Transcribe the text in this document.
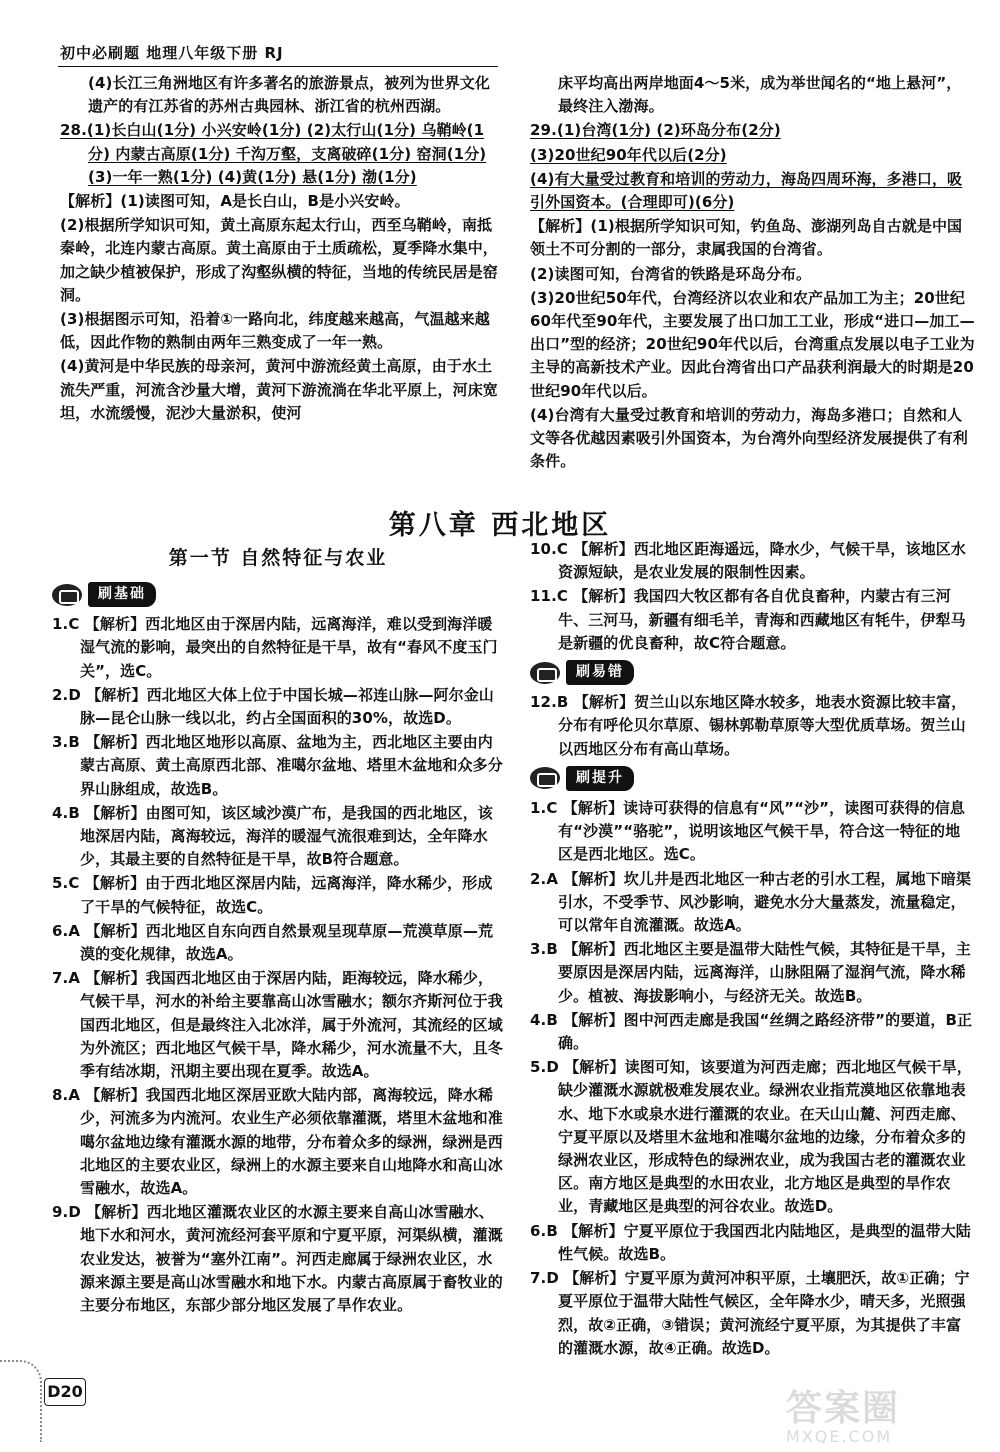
初中必刷题 地理八年级下册 RJ

(4)长江三角洲地区有许多著名的旅游景点，被列为世界文化遗产的有江苏省的苏州古典园林、浙江省的杭州西湖。

28.(1)长白山(1分) 小兴安岭(1分) (2)太行山(1分) 乌鞘岭(1分) 内蒙古高原(1分) 千沟万壑，支离破碎(1分) 窑洞(1分) (3)一年一熟(1分) (4)黄(1分) 悬(1分) 渤(1分)

【解析】(1)读图可知，A是长白山，B是小兴安岭。

(2)根据所学知识可知，黄土高原东起太行山，西至乌鞘岭，南抵秦岭，北连内蒙古高原。黄土高原由于土质疏松，夏季降水集中，加之缺少植被保护，形成了沟壑纵横的特征，当地的传统民居是窑洞。

(3)根据图示可知，沿着①一路向北，纬度越来越高，气温越来越低，因此作物的熟制由两年三熟变成了一年一熟。

(4)黄河是中华民族的母亲河，黄河中游流经黄土高原，由于水土流失严重，河流含沙量大增，黄河下游流淌在华北平原上，河床宽坦，水流缓慢，泥沙大量淤积，使河

床平均高出两岸地面4～5米，成为举世闻名的“地上悬河”，最终注入渤海。

29.(1)台湾(1分) (2)环岛分布(2分)

(3)20世纪90年代以后(2分)

(4)有大量受过教育和培训的劳动力，海岛四周环海，多港口，吸引外国资本。(合理即可)(6分)

【解析】(1)根据所学知识可知，钓鱼岛、澎湖列岛自古就是中国领土不可分割的一部分，隶属我国的台湾省。

(2)读图可知，台湾省的铁路是环岛分布。

(3)20世纪50年代，台湾经济以农业和农产品加工为主；20世纪60年代至90年代，主要发展了出口加工工业，形成“进口—加工—出口”型的经济；20世纪90年代以后，台湾重点发展以电子工业为主导的高新技术产业。因此台湾省出口产品获利润最大的时期是20世纪90年代以后。

(4)台湾有大量受过教育和培训的劳动力，海岛多港口；自然和人文等各优越因素吸引外国资本，为台湾外向型经济发展提供了有利条件。

第八章 西北地区
第一节 自然特征与农业
刷基础

1.C 【解析】西北地区由于深居内陆，远离海洋，难以受到海洋暖湿气流的影响，最突出的自然特征是干旱，故有“春风不度玉门关”，选C。

2.D 【解析】西北地区大体上位于中国长城—祁连山脉—阿尔金山脉—昆仑山脉一线以北，约占全国面积的30%，故选D。

3.B 【解析】西北地区地形以高原、盆地为主，西北地区主要由内蒙古高原、黄土高原西北部、准噶尔盆地、塔里木盆地和众多分界山脉组成，故选B。

4.B 【解析】由图可知，该区域沙漠广布，是我国的西北地区，该地深居内陆，离海较远，海洋的暖湿气流很难到达，全年降水少，其最主要的自然特征是干旱，故B符合题意。

5.C 【解析】由于西北地区深居内陆，远离海洋，降水稀少，形成了干旱的气候特征，故选C。

6.A 【解析】西北地区自东向西自然景观呈现草原—荒漠草原—荒漠的变化规律，故选A。

7.A 【解析】我国西北地区由于深居内陆，距海较远，降水稀少，气候干旱，河水的补给主要靠高山冰雪融水；额尔齐斯河位于我国西北地区，但是最终注入北冰洋，属于外流河，其流经的区域为外流区；西北地区气候干旱，降水稀少，河水流量不大，且冬季有结冰期，汛期主要出现在夏季。故选A。

8.A 【解析】我国西北地区深居亚欧大陆内部，离海较远，降水稀少，河流多为内流河。农业生产必须依靠灌溉，塔里木盆地和准噶尔盆地边缘有灌溉水源的地带，分布着众多的绿洲，绿洲是西北地区的主要农业区，绿洲上的水源主要来自山地降水和高山冰雪融水，故选A。

9.D 【解析】西北地区灌溉农业区的水源主要来自高山冰雪融水、地下水和河水，黄河流经河套平原和宁夏平原，河渠纵横，灌溉农业发达，被誉为“塞外江南”。河西走廊属于绿洲农业区，水源来源主要是高山冰雪融水和地下水。内蒙古高原属于畜牧业的主要分布地区，东部少部分地区发展了旱作农业。

10.C 【解析】西北地区距海遥远，降水少，气候干旱，该地区水资源短缺，是农业发展的限制性因素。

11.C 【解析】我国四大牧区都有各自优良畜种，内蒙古有三河牛、三河马，新疆有细毛羊，青海和西藏地区有牦牛，伊犁马是新疆的优良畜种，故C符合题意。

刷易错

12.B 【解析】贺兰山以东地区降水较多，地表水资源比较丰富，分布有呼伦贝尔草原、锡林郭勒草原等大型优质草场。贺兰山以西地区分布有高山草场。

刷提升

1.C 【解析】读诗可获得的信息有“风”“沙”，读图可获得的信息有“沙漠”“骆驼”，说明该地区气候干旱，符合这一特征的地区是西北地区。选C。

2.A 【解析】坎儿井是西北地区一种古老的引水工程，属地下暗渠引水，不受季节、风沙影响，避免水分大量蒸发，流量稳定，可以常年自流灌溉。故选A。

3.B 【解析】西北地区主要是温带大陆性气候，其特征是干旱，主要原因是深居内陆，远离海洋，山脉阻隔了湿润气流，降水稀少。植被、海拔影响小，与经济无关。故选B。

4.B 【解析】图中河西走廊是我国“丝绸之路经济带”的要道，B正确。

5.D 【解析】读图可知，该要道为河西走廊；西北地区气候干旱，缺少灌溉水源就极难发展农业。绿洲农业指荒漠地区依靠地表水、地下水或泉水进行灌溉的农业。在天山山麓、河西走廊、宁夏平原以及塔里木盆地和准噶尔盆地的边缘，分布着众多的绿洲农业区，形成特色的绿洲农业，成为我国古老的灌溉农业区。南方地区是典型的水田农业，北方地区是典型的旱作农业，青藏地区是典型的河谷农业。故选D。

6.B 【解析】宁夏平原位于我国西北内陆地区，是典型的温带大陆性气候。故选B。

7.D 【解析】宁夏平原为黄河冲积平原，土壤肥沃，故①正确；宁夏平原位于温带大陆性气候区，全年降水少，晴天多，光照强烈，故②正确，③错误；黄河流经宁夏平原，为其提供了丰富的灌溉水源，故④正确。故选D。

D20	答案圈
MXQE.COM
